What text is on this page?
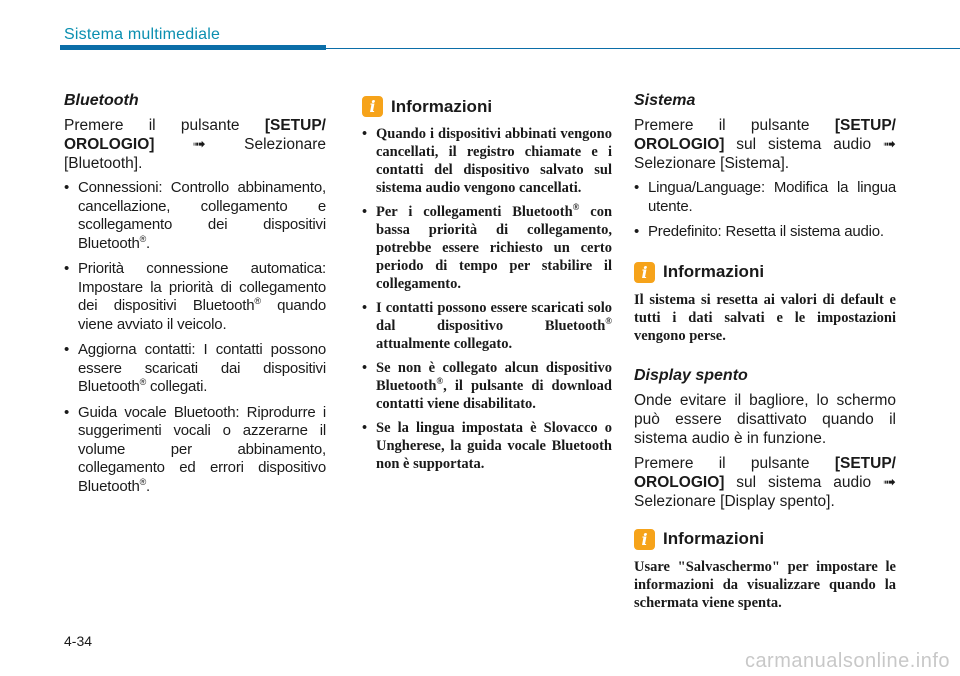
Sistema multimediale
Bluetooth

Premere il pulsante [SETUP/ OROLOGIO] ➟ Selezionare [Bluetooth].

• Connessioni: Controllo abbinamento, cancellazione, collegamento e scollegamento dei dispositivi Bluetooth®.
• Priorità connessione automatica: Impostare la priorità di collegamento dei dispositivi Bluetooth® quando viene avviato il veicolo.
• Aggiorna contatti: I contatti possono essere scaricati dai dispositivi Bluetooth® collegati.
• Guida vocale Bluetooth: Riprodurre i suggerimenti vocali o azzerarne il volume per abbinamento, collegamento ed errori dispositivo Bluetooth®.
i Informazioni
• Quando i dispositivi abbinati vengono cancellati, il registro chiamate e i contatti del dispositivo salvato sul sistema audio vengono cancellati.
• Per i collegamenti Bluetooth® con bassa priorità di collegamento, potrebbe essere richiesto un certo periodo di tempo per stabilire il collegamento.
• I contatti possono essere scaricati solo dal dispositivo Bluetooth® attualmente collegato.
• Se non è collegato alcun dispositivo Bluetooth®, il pulsante di download contatti viene disabilitato.
• Se la lingua impostata è Slovacco o Ungherese, la guida vocale Bluetooth non è supportata.
Sistema

Premere il pulsante [SETUP/ OROLOGIO] sul sistema audio ➟ Selezionare [Sistema].

• Lingua/Language: Modifica la lingua utente.
• Predefinito: Resetta il sistema audio.
i Informazioni

Il sistema si resetta ai valori di default e tutti i dati salvati e le impostazioni vengono perse.

Display spento

Onde evitare il bagliore, lo schermo può essere disattivato quando il sistema audio è in funzione.

Premere il pulsante [SETUP/ OROLOGIO] sul sistema audio ➟ Selezionare [Display spento].

i Informazioni

Usare "Salvaschermo" per impostare le informazioni da visualizzare quando la schermata viene spenta.

4-34
carmanualsonline.info
